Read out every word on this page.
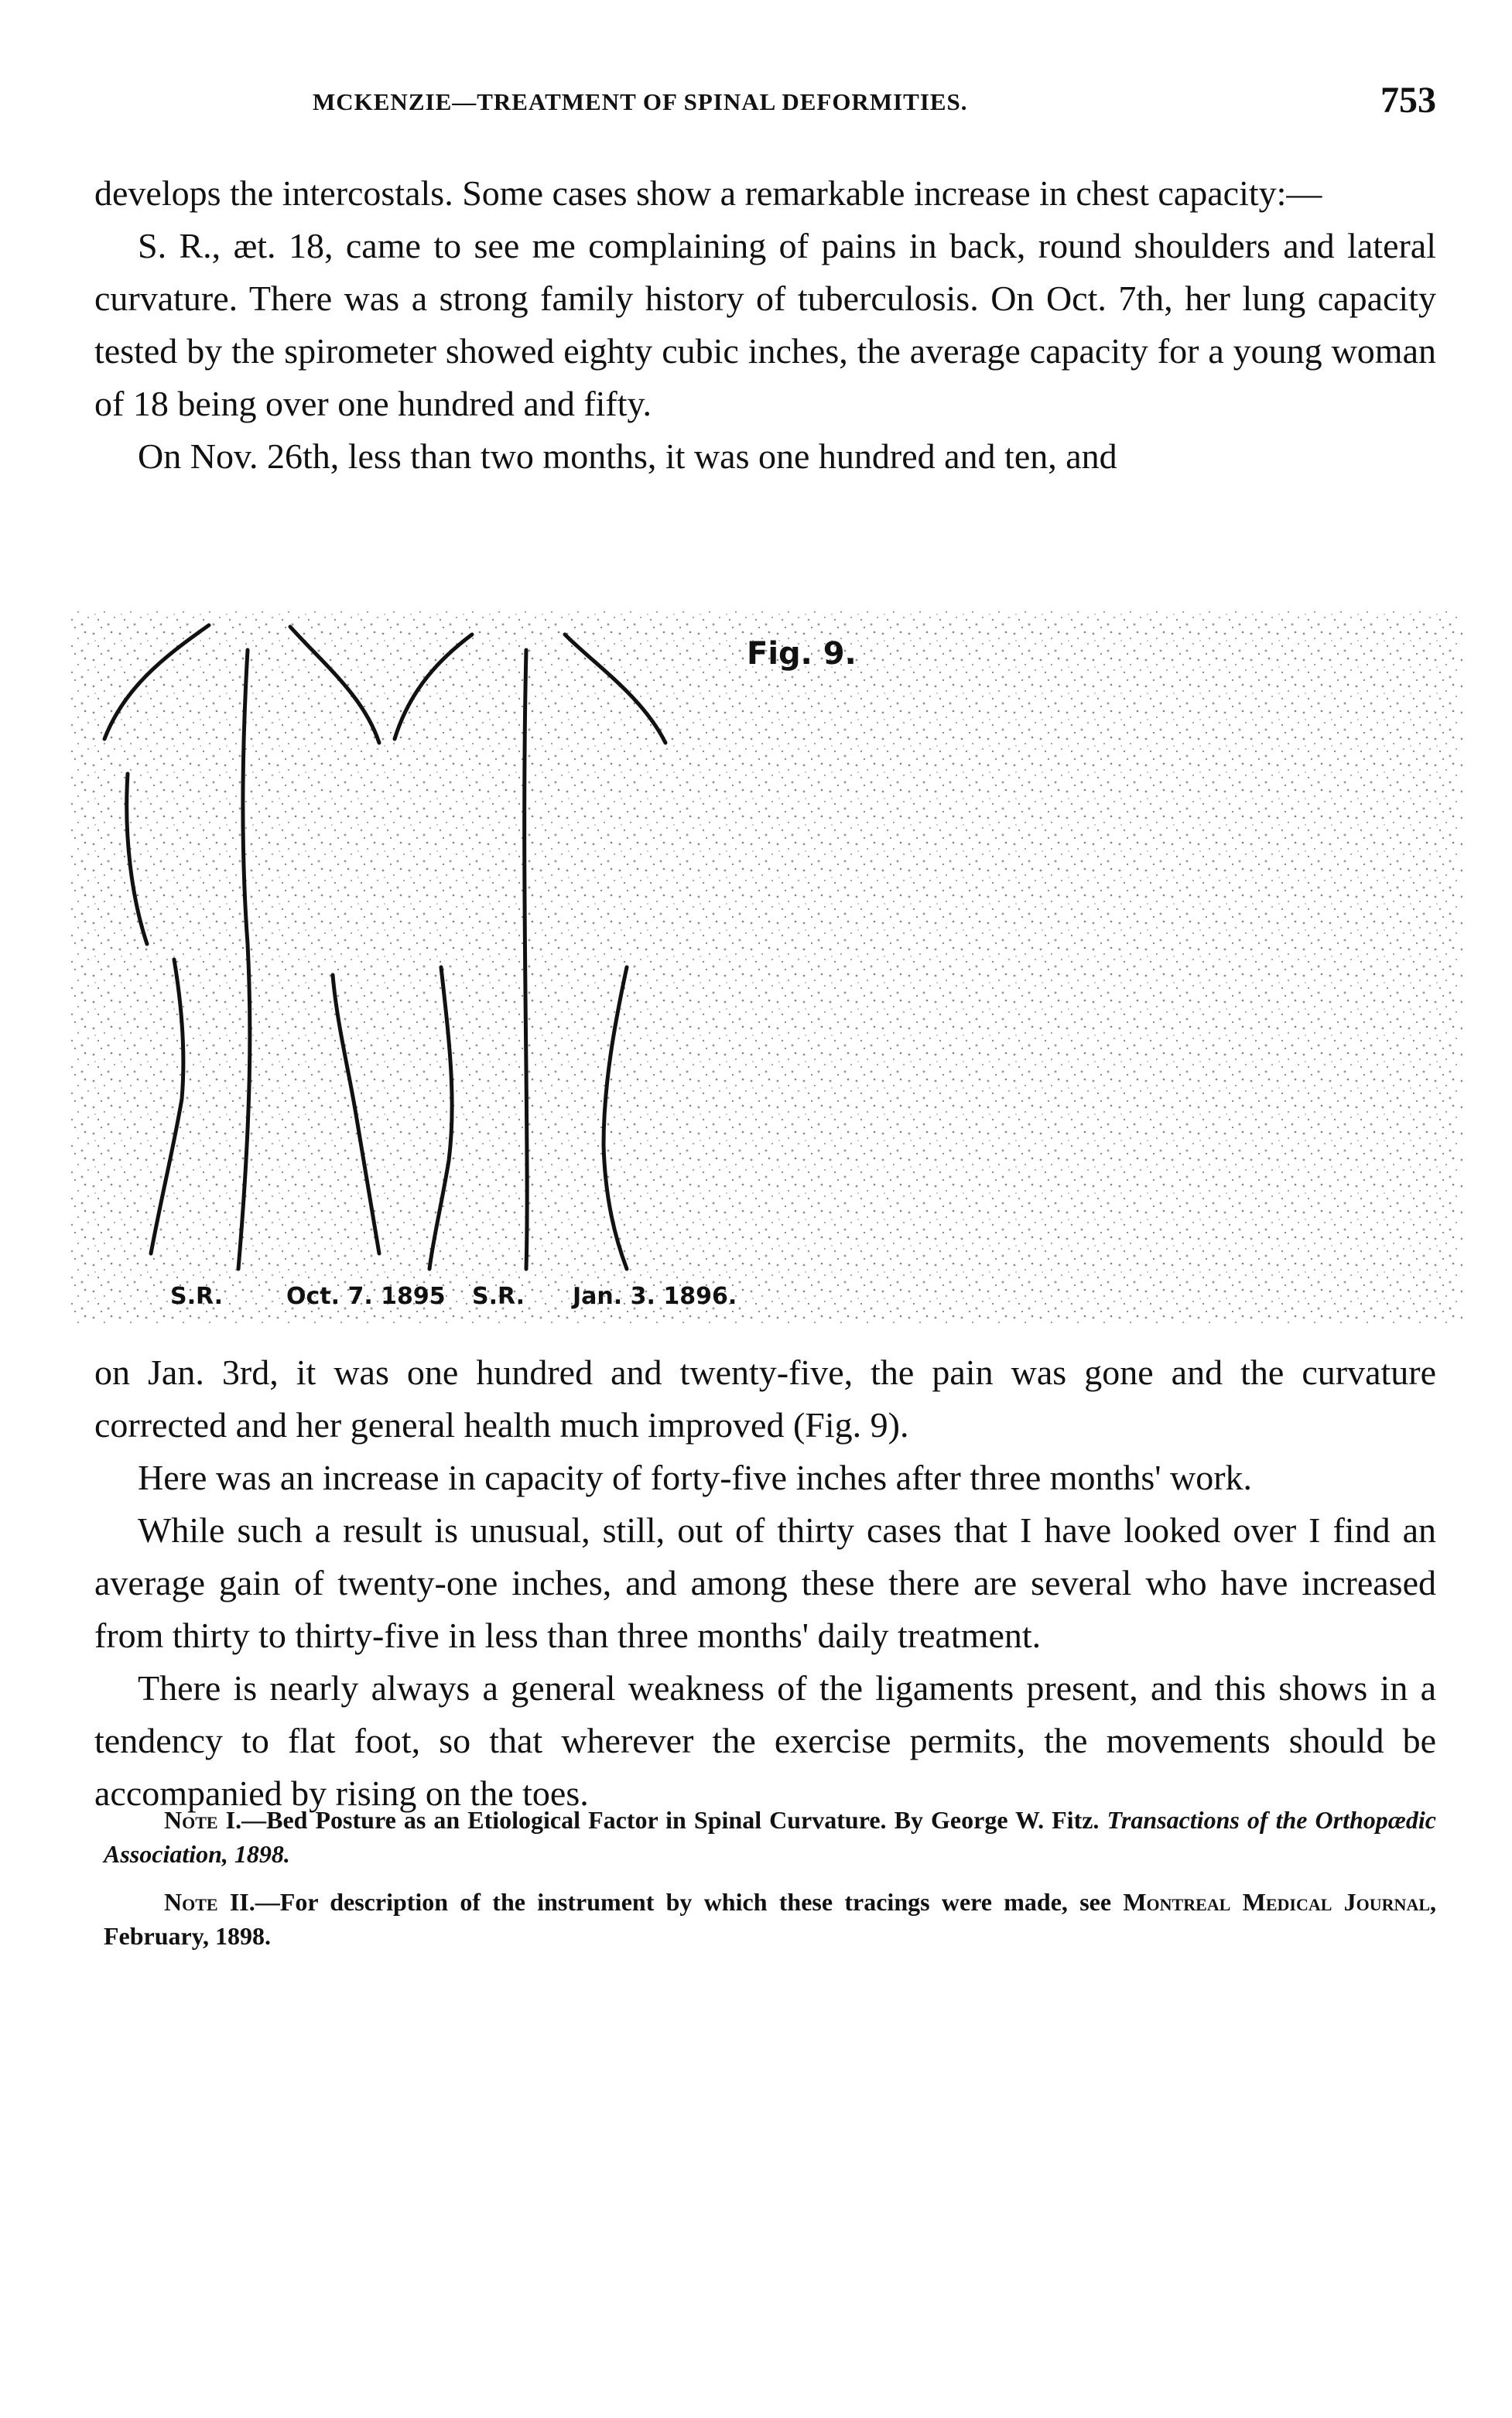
MCKENZIE—TREATMENT OF SPINAL DEFORMITIES.	753

develops the intercostals. Some cases show a remarkable increase in chest capacity:—

S. R., æt. 18, came to see me complaining of pains in back, round shoulders and lateral curvature. There was a strong family history of tuberculosis. On Oct. 7th, her lung capacity tested by the spirometer showed eighty cubic inches, the average capacity for a young woman of 18 being over one hundred and fifty.

On Nov. 26th, less than two months, it was one hundred and ten, and

Fig. 9.
S.R.	Oct. 7. 1895 S.R. Jan. 3. 1896.

on Jan. 3rd, it was one hundred and twenty-five, the pain was gone and the curvature corrected and her general health much improved (Fig. 9).

Here was an increase in capacity of forty-five inches after three months' work.

While such a result is unusual, still, out of thirty cases that I have looked over I find an average gain of twenty-one inches, and among these there are several who have increased from thirty to thirty-five in less than three months' daily treatment.

There is nearly always a general weakness of the ligaments present, and this shows in a tendency to flat foot, so that wherever the exercise permits, the movements should be accompanied by rising on the toes.

Note I.—Bed Posture as an Etiological Factor in Spinal Curvature. By George W. Fitz. Transactions of the Orthopædic Association, 1898.

Note II.—For description of the instrument by which these tracings were made, see Montreal Medical Journal, February, 1898.
